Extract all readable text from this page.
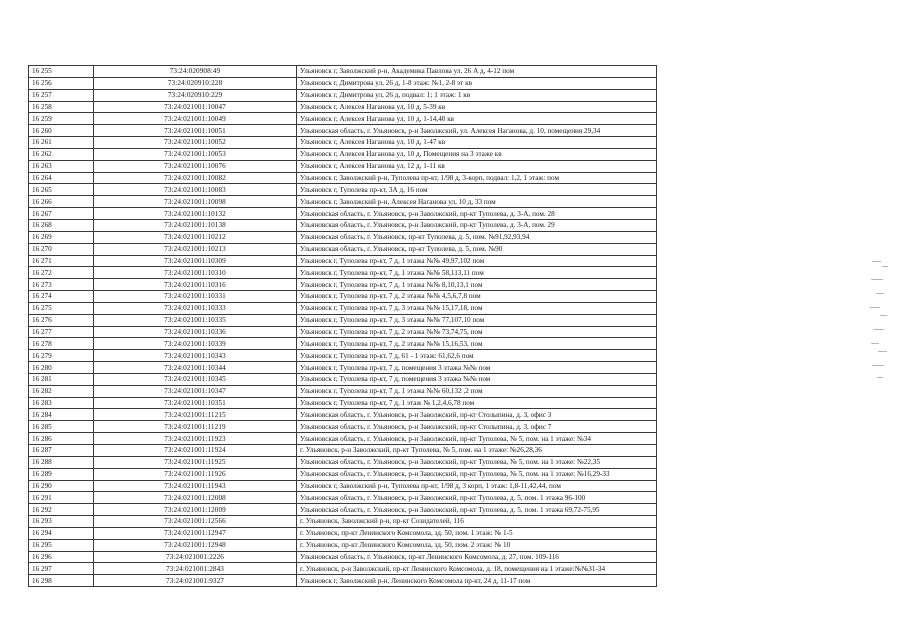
16 255	73:24:020908:49	Ульяновск г, Заволжский р-н, Академика Павлова ул, 26 А д, 4-12 пом
16 256	73:24:020910:228	Ульяновск г, Димитрова ул, 26 д, 1-8 этаж: №1, 2-8 эт кв
16 257	73:24:020910:229	Ульяновск г, Димитрова ул, 26 д, подвал: 1; 1 этаж: 1 кв
16 258	73:24:021001:10047	Ульяновск г, Алексея Наганова ул, 10 д, 5-39 кв
16 259	73:24:021001:10049	Ульяновск г, Алексея Наганова ул, 10 д, 1-14,40 кв
16 260	73:24:021001:10051	Ульяновская область, г. Ульяновск, р-н Заволжский, ул. Алексея Наганова, д. 10, помещения 29,34
16 261	73:24:021001:10052	Ульяновск г, Алексея Наганова ул, 10 д, 1-47 кв
16 262	73:24:021001:10053	Ульяновск г, Алексея Наганова ул, 10 д, Помещения на 3 этаже кв
16 263	73:24:021001:10076	Ульяновск г, Алексея Наганова ул, 12 д, 1-11 кв
16 264	73:24:021001:10082	Ульяновск г, Заволжский р-н, Туполева пр-кт, 1/98 д, 3-корп, подвал: 1,2, 1 этаж: пом
16 265	73:24:021001:10083	Ульяновск г, Туполева пр-кт, 3А д, 16 пом
16 266	73:24:021001:10098	Ульяновск г, Заволжский р-н, Алексея Наганова ул, 10 д, 33 пом
16 267	73:24:021001:10132	Ульяновская область, г. Ульяновск, р-н Заволжский, пр-кт Туполева, д. 3-А, пом. 28
16 268	73:24:021001:10138	Ульяновская область, г. Ульяновск, р-н Заволжский, пр-кт Туполева, д. 3-А, пом. 29
16 269	73:24:021001:10212	Ульяновская область, г. Ульяновск, пр-кт Туполева, д. 5, пом. №91,92,93,94
16 270	73:24:021001:10213	Ульяновская область, г. Ульяновск, пр-кт Туполева, д. 5, пом. №90
16 271	73:24:021001:10309	Ульяновск г, Туполева пр-кт, 7 д, 1 этажа №№ 49,97,102 пом
16 272	73:24:021001:10310	Ульяновск г, Туполева пр-кт, 7 д, 1 этажа №№ 58,113,11 пом
16 273	73:24:021001:10316	Ульяновск г, Туполева пр-кт, 7 д, 1 этажа №№ 8,10,13,1 пом
16 274	73:24:021001:10331	Ульяновск г, Туполева пр-кт, 7 д, 2 этажа №№ 4,5,6,7,8 пом
16 275	73:24:021001:10333	Ульяновск г, Туполева пр-кт, 7 д, 3 этажа №№ 15,17,18, пом
16 276	73:24:021001:10335	Ульяновск г, Туполева пр-кт, 7 д, 3 этажа №№ 77,107,10 пом
16 277	73:24:021001:10336	Ульяновск г, Туполева пр-кт, 7 д, 2 этажа №№ 73,74,75, пом
16 278	73:24:021001:10339	Ульяновск г, Туполева пр-кт, 7 д, 2 этажа №№ 15,16,53, пом
16 279	73:24:021001:10343	Ульяновск г, Туполева пр-кт, 7 д, 61 - 1 этаж: 61,62,6 пом
16 280	73:24:021001:10344	Ульяновск г, Туполева пр-кт, 7 д, помещения 3 этажа №№ пом
16 281	73:24:021001:10345	Ульяновск г, Туполева пр-кт, 7 д, помещения 3 этажа №№ пом
16 282	73:24:021001:10347	Ульяновск г, Туполева пр-кт, 7 д, 1 этажа №№ 60,132 ,2 пом
16 283	73:24:021001:10351	Ульяновск г, Туполева пр-кт, 7 д, 1 этаж № 1,2,4,6,78 пом
16 284	73:24:021001:11215	Ульяновская область, г. Ульяновск, р-н Заволжский, пр-кт Столыпина, д. 3, офис 3
16 285	73:24:021001:11219	Ульяновская область, г. Ульяновск, р-н Заволжский, пр-кт Столыпина, д. 3, офис 7
16 286	73:24:021001:11923	Ульяновская область, г. Ульяновск, р-н Заволжский, пр-кт Туполева, № 5, пом. на 1 этаже: №34
16 287	73:24:021001:11924	г. Ульяновск, р-н Заволжский, пр-кт Туполева, № 5, пом. на 1 этаже: №26,28,36
16 288	73:24:021001:11925	Ульяновская область, г. Ульяновск, р-н Заволжский, пр-кт Туполева, № 5, пом. на 1 этаже: №22,35
16 289	73:24:021001:11926	Ульяновская область, г. Ульяновск, р-н Заволжский, пр-кт Туполева, № 5, пом. на 1 этаже: №16,29-33
16 290	73:24:021001:11943	Ульяновск г, Заволжский р-н, Туполева пр-кт, 1/98 д, 3 корп, 1 этаж: 1,8-11,42,44, пом
16 291	73:24:021001:12008	Ульяновская область, г. Ульяновск, р-н Заволжский, пр-кт Туполева, д. 5, пом. 1 этажа 96-100
16 292	73:24:021001:12009	Ульяновская область, г. Ульяновск, р-н Заволжский, пр-кт Туполева, д. 5, пом. 1 этажа 69,72-75,95
16 293	73:24:021001:12566	г. Ульяновск, Заволжский р-н, пр-кт Созидателей, 116
16 294	73:24:021001:12947	г. Ульяновск, пр-кт Ленинского Комсомола, зд. 50, пом. 1 этаж: № 1-5
16 295	73:24:021001:12948	г. Ульяновск, пр-кт Ленинского Комсомола, зд. 50, пом. 2 этаж: № 10
16 296	73:24:021001:2226	Ульяновская область, г. Ульяновск, пр-кт Ленинского Комсомола, д. 27, пом. 109-116
16 297	73:24:021001:2843	г. Ульяновск, р-н Заволжский, пр-кт Ленинского Комсомола, д. 18, помещения на 1 этаже:№№31-34
16 298	73:24:021001:9327	Ульяновск г, Заволжский р-н, Ленинского Комсомола пр-кт, 24 д, 11-17 пом
